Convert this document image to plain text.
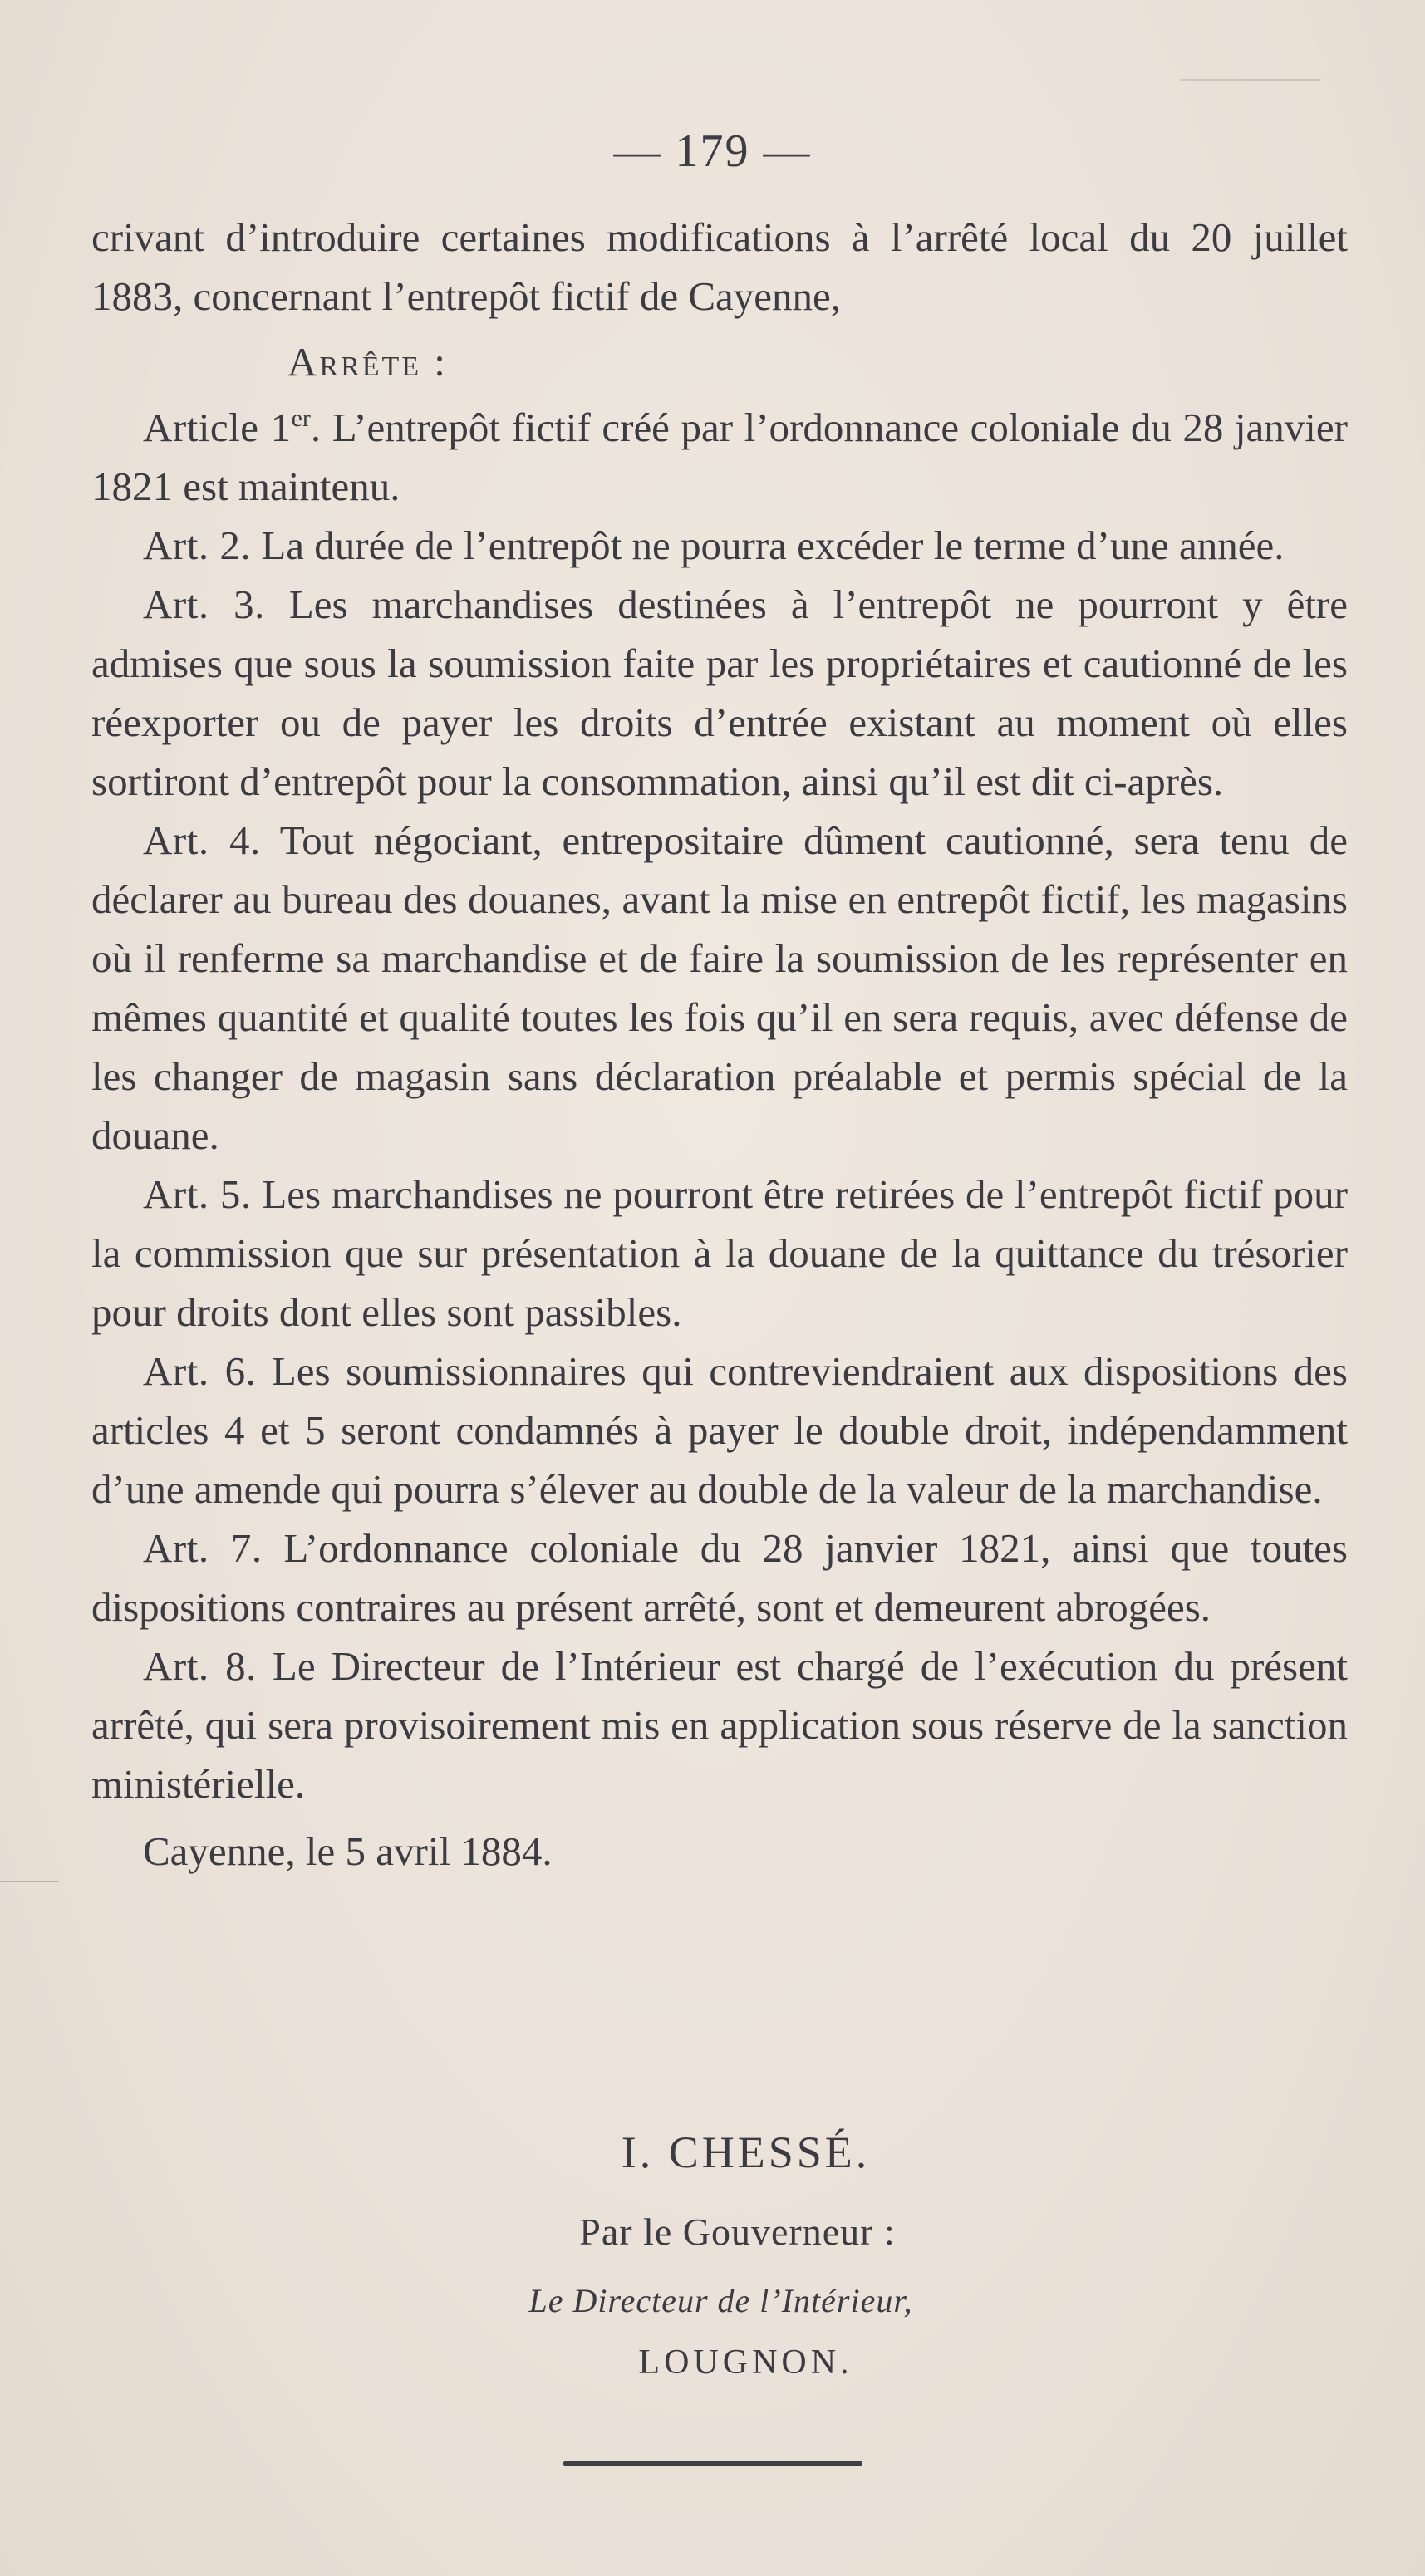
— 179 —

crivant d’introduire certaines modifications à l’arrêté local du 20 juillet 1883, concernant l’entrepôt fictif de Cayenne,

Arrête :

Article 1er. L’entrepôt fictif créé par l’ordonnance coloniale du 28 janvier 1821 est maintenu.

Art. 2. La durée de l’entrepôt ne pourra excéder le terme d’une année.

Art. 3. Les marchandises destinées à l’entrepôt ne pourront y être admises que sous la soumission faite par les propriétaires et cautionné de les réexporter ou de payer les droits d’entrée existant au moment où elles sortiront d’entrepôt pour la consommation, ainsi qu’il est dit ci-après.

Art. 4. Tout négociant, entrepositaire dûment cautionné, sera tenu de déclarer au bureau des douanes, avant la mise en entrepôt fictif, les magasins où il renferme sa marchandise et de faire la soumission de les représenter en mêmes quantité et qualité toutes les fois qu’il en sera requis, avec défense de les changer de magasin sans déclaration préalable et permis spécial de la douane.

Art. 5. Les marchandises ne pourront être retirées de l’entrepôt fictif pour la commission que sur présentation à la douane de la quittance du trésorier pour droits dont elles sont passibles.

Art. 6. Les soumissionnaires qui contreviendraient aux dispositions des articles 4 et 5 seront condamnés à payer le double droit, indépendamment d’une amende qui pourra s’élever au double de la valeur de la marchandise.

Art. 7. L’ordonnance coloniale du 28 janvier 1821, ainsi que toutes dispositions contraires au présent arrêté, sont et demeurent abrogées.

Art. 8. Le Directeur de l’Intérieur est chargé de l’exécution du présent arrêté, qui sera provisoirement mis en application sous réserve de la sanction ministérielle.

Cayenne, le 5 avril 1884.

I. CHESSÉ.
Par le Gouverneur :
Le Directeur de l’Intérieur,
LOUGNON.
